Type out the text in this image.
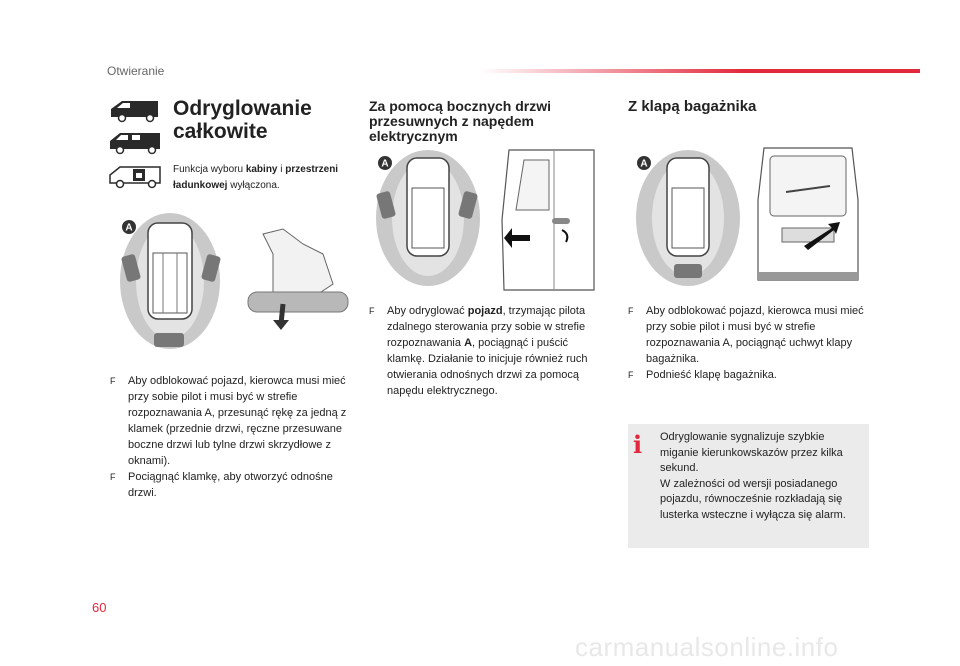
Otwieranie
Odryglowanie całkowite
Funkcja wyboru kabiny i przestrzeni ładunkowej wyłączona.
A
F Aby odblokować pojazd, kierowca musi mieć przy sobie pilot i musi być w strefie rozpoznawania A, przesunąć rękę za jedną z klamek (przednie drzwi, ręczne przesuwane boczne drzwi lub tylne drzwi skrzydłowe z oknami).
F Pociągnąć klamkę, aby otworzyć odnośne drzwi.
Za pomocą bocznych drzwi przesuwnych z napędem elektrycznym
A
F Aby odryglować pojazd, trzymając pilota zdalnego sterowania przy sobie w strefie rozpoznawania A, pociągnąć i puścić klamkę. Działanie to inicjuje również ruch otwierania odnośnych drzwi za pomocą napędu elektrycznego.
Z klapą bagażnika
A
F Aby odblokować pojazd, kierowca musi mieć przy sobie pilot i musi być w strefie rozpoznawania A, pociągnąć uchwyt klapy bagażnika.
F Podnieść klapę bagażnika.
i Odryglowanie sygnalizuje szybkie miganie kierunkowskazów przez kilka sekund.
W zależności od wersji posiadanego pojazdu, równocześnie rozkładają się lusterka wsteczne i wyłącza się alarm.
60
carmanualsonline.info
